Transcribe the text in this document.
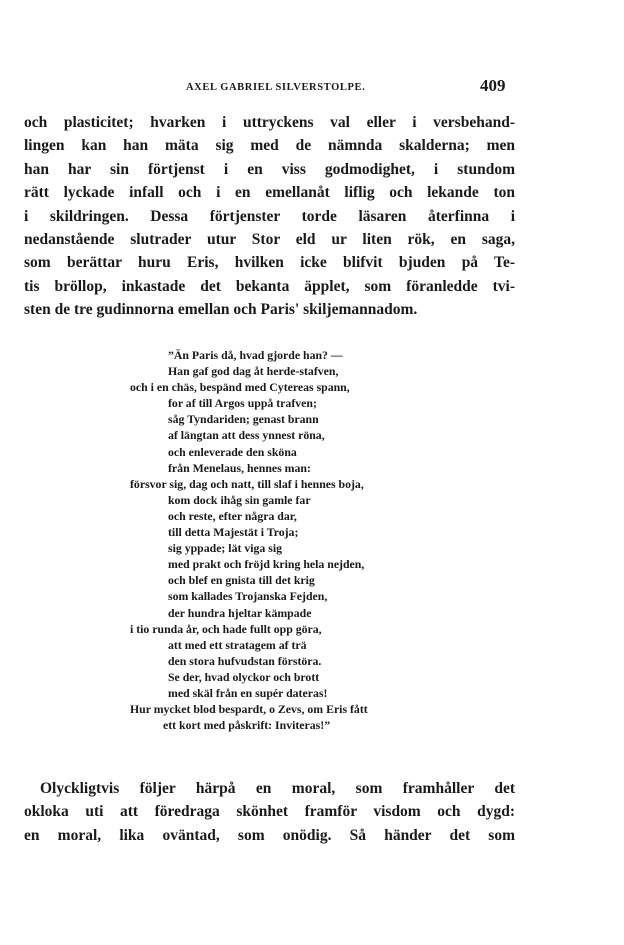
AXEL GABRIEL SILVERSTOLPE.	409
och plasticitet; hvarken i uttryckens val eller i versbehand-
lingen kan han mäta sig med de nämnda skalderna; men
han har sin förtjenst i en viss godmodighet, i stundom
rätt lyckade infall och i en emellanåt liflig och lekande ton
i skildringen. Dessa förtjenster torde läsaren återfinna i
nedanstående slutrader utur Stor eld ur liten rök, en saga,
som berättar huru Eris, hvilken icke blifvit bjuden på Te-
tis bröllop, inkastade det bekanta äpplet, som föranledde tvi-
sten de tre gudinnorna emellan och Paris' skiljemannadom.
”Än Paris då, hvad gjorde han? —
Han gaf god dag åt herde-stafven,
och i en chäs, bespänd med Cytereas spann,
for af till Argos uppå trafven;
såg Tyndariden; genast brann
af längtan att dess ynnest röna,
och enleverade den sköna
från Menelaus, hennes man:
försvor sig, dag och natt, till slaf i hennes boja,
kom dock ihåg sin gamle far
och reste, efter några dar,
till detta Majestät i Troja;
sig yppade; lät viga sig
med prakt och fröjd kring hela nejden,
och blef en gnista till det krig
som kallades Trojanska Fejden,
der hundra hjeltar kämpade
i tio runda år, och hade fullt opp göra,
att med ett stratagem af trä
den stora hufvudstan förstöra.
Se der, hvad olyckor och brott
med skäl från en supér dateras!
Hur mycket blod bespardt, o Zevs, om Eris fått
ett kort med påskrift: Inviteras!”
Olyckligtvis följer härpå en moral, som framhåller det
okloka uti att föredraga skönhet framför visdom och dygd:
en moral, lika oväntad, som onödig. Så händer det som
